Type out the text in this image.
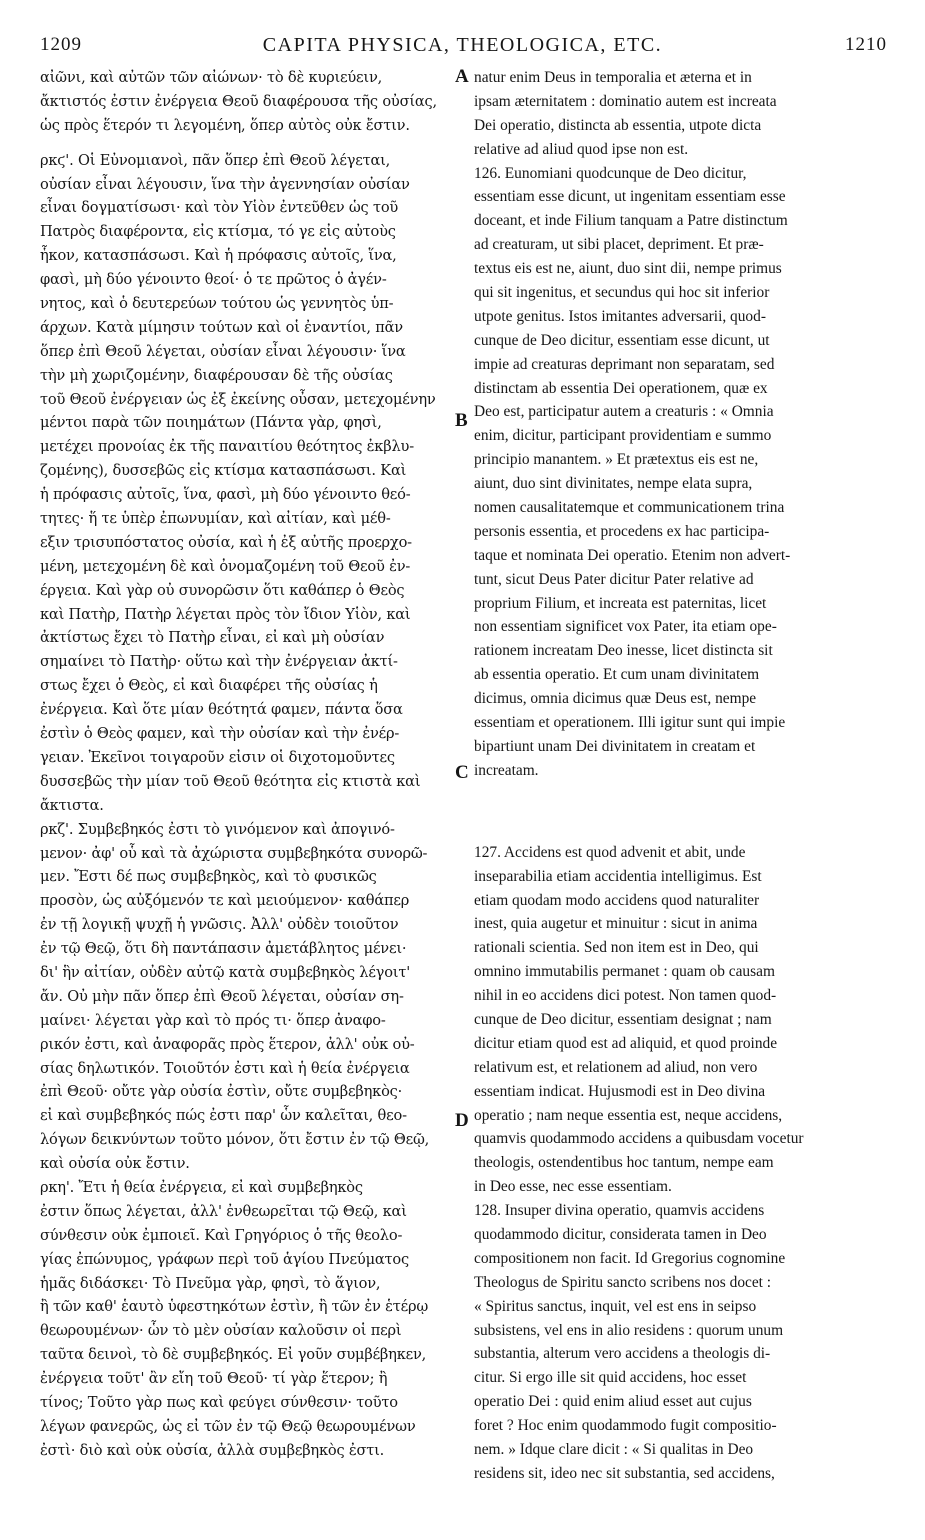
1209	CAPITA PHYSICA, THEOLOGICA, ETC.	1210
αἰῶνι, καὶ αὐτῶν τῶν αἰώνων· τὸ δὲ κυριεύειν,
ἄκτιστός ἐστιν ἐνέργεια Θεοῦ διαφέρουσα τῆς οὐσίας,
ὡς πρὸς ἕτερόν τι λεγομένη, ὅπερ αὐτὸς οὐκ ἔστιν.
ρκϛ'. Οἱ Εὐνομιανοὶ, πᾶν ὅπερ ἐπὶ Θεοῦ λέγεται,
οὐσίαν εἶναι λέγουσιν, ἵνα τὴν ἀγεννησίαν οὐσίαν
εἶναι δογματίσωσι· καὶ τὸν Υἱὸν ἐντεῦθεν ὡς τοῦ
Πατρὸς διαφέροντα, εἰς κτίσμα, τό γε εἰς αὐτοὺς
ἧκον, κατασπάσωσι. Καὶ ἡ πρόφασις αὐτοῖς, ἵνα,
φασὶ, μὴ δύο γένοιντο θεοί· ὁ τε πρῶτος ὁ ἀγέν-
νητος, καὶ ὁ δευτερεύων τούτου ὡς γεννητὸς ὑπ-
άρχων. Κατὰ μίμησιν τούτων καὶ οἱ ἐναντίοι, πᾶν
ὅπερ ἐπὶ Θεοῦ λέγεται, οὐσίαν εἶναι λέγουσιν· ἵνα
τὴν μὴ χωριζομένην, διαφέρουσαν δὲ τῆς οὐσίας
τοῦ Θεοῦ ἐνέργειαν ὡς ἐξ ἐκείνης οὖσαν, μετεχομένην
μέντοι παρὰ τῶν ποιημάτων (Πάντα γὰρ, φησὶ,
μετέχει προνοίας ἐκ τῆς παναιτίου θεότητος ἐκβλυ-
ζομένης), δυσσεβῶς εἰς κτίσμα κατασπάσωσι. Καὶ
ἡ πρόφασις αὐτοῖς, ἵνα, φασὶ, μὴ δύο γένοιντο θεό-
τητες· ἥ τε ὑπὲρ ἐπωνυμίαν, καὶ αἰτίαν, καὶ μέθ-
εξιν τρισυπόστατος οὐσία, καὶ ἡ ἐξ αὐτῆς προερχο-
μένη, μετεχομένη δὲ καὶ ὀνομαζομένη τοῦ Θεοῦ ἐν-
έργεια. Καὶ γὰρ οὐ συνορῶσιν ὅτι καθάπερ ὁ Θεὸς
καὶ Πατὴρ, Πατὴρ λέγεται πρὸς τὸν ἴδιον Υἱὸν, καὶ
ἀκτίστως ἔχει τὸ Πατὴρ εἶναι, εἰ καὶ μὴ οὐσίαν
σημαίνει τὸ Πατὴρ· οὕτω καὶ τὴν ἐνέργειαν ἀκτί-
στως ἔχει ὁ Θεὸς, εἰ καὶ διαφέρει τῆς οὐσίας ἡ
ἐνέργεια. Καὶ ὅτε μίαν θεότητά φαμεν, πάντα ὅσα
ἐστὶν ὁ Θεὸς φαμεν, καὶ τὴν οὐσίαν καὶ τὴν ἐνέρ-
γειαν. Ἐκεῖνοι τοιγαροῦν εἰσιν οἱ διχοτομοῦντες
δυσσεβῶς τὴν μίαν τοῦ Θεοῦ θεότητα εἰς κτιστὰ καὶ
ἄκτιστα.
ρκζ'. Συμβεβηκός ἐστι τὸ γινόμενον καὶ ἀπογινό-
μενον· ἀφ' οὗ καὶ τὰ ἀχώριστα συμβεβηκότα συνορῶ-
μεν. Ἔστι δέ πως συμβεβηκὸς, καὶ τὸ φυσικῶς
προσὸν, ὡς αὐξόμενόν τε καὶ μειούμενον· καθάπερ
ἐν τῇ λογικῇ ψυχῇ ἡ γνῶσις. Ἀλλ' οὐδὲν τοιοῦτον
ἐν τῷ Θεῷ, ὅτι δὴ παντάπασιν ἀμετάβλητος μένει·
δι' ἣν αἰτίαν, οὐδὲν αὐτῷ κατὰ συμβεβηκὸς λέγοιτ'
ἄν. Οὐ μὴν πᾶν ὅπερ ἐπὶ Θεοῦ λέγεται, οὐσίαν ση-
μαίνει· λέγεται γὰρ καὶ τὸ πρός τι· ὅπερ ἀναφο-
ρικόν ἐστι, καὶ ἀναφορᾶς πρὸς ἕτερον, ἀλλ' οὐκ οὐ-
σίας δηλωτικόν. Τοιοῦτόν ἐστι καὶ ἡ θεία ἐνέργεια
ἐπὶ Θεοῦ· οὔτε γὰρ οὐσία ἐστὶν, οὔτε συμβεβηκὸς·
εἰ καὶ συμβεβηκός πώς ἐστι παρ' ὧν καλεῖται, θεο-
λόγων δεικνύντων τοῦτο μόνον, ὅτι ἔστιν ἐν τῷ Θεῷ,
καὶ οὐσία οὐκ ἔστιν.
ρκη'. Ἔτι ἡ θεία ἐνέργεια, εἰ καὶ συμβεβηκὸς
ἐστιν ὅπως λέγεται, ἀλλ' ἐνθεωρεῖται τῷ Θεῷ, καὶ
σύνθεσιν οὐκ ἐμποιεῖ. Καὶ Γρηγόριος ὁ τῆς θεολο-
γίας ἐπώνυμος, γράφων περὶ τοῦ ἁγίου Πνεύματος
ἡμᾶς διδάσκει· Τὸ Πνεῦμα γὰρ, φησὶ, τὸ ἅγιον,
ἢ τῶν καθ' ἑαυτὸ ὑφεστηκότων ἐστὶν, ἢ τῶν ἐν ἑτέρῳ
θεωρουμένων· ὧν τὸ μὲν οὐσίαν καλοῦσιν οἱ περὶ
ταῦτα δεινοὶ, τὸ δὲ συμβεβηκός. Εἰ γοῦν συμβέβηκεν,
ἐνέργεια τοῦτ' ἂν εἴη τοῦ Θεοῦ· τί γὰρ ἕτερον; ἢ
τίνος; Τοῦτο γὰρ πως καὶ φεύγει σύνθεσιν· τοῦτο
λέγων φανερῶς, ὡς εἰ τῶν ἐν τῷ Θεῷ θεωρουμένων
ἐστὶ· διὸ καὶ οὐκ οὐσία, ἀλλὰ συμβεβηκὸς ἐστι.
natur enim Deus in temporalia et æterna et in
ipsam æternitatem : dominatio autem est increata
Dei operatio, distincta ab essentia, utpote dicta
relative ad aliud quod ipse non est.
126. Eunomiani quodcunque de Deo dicitur,
essentiam esse dicunt, ut ingenitam essentiam esse
doceant, et inde Filium tanquam a Patre distinctum
ad creaturam, ut sibi placet, depriment. Et præ-
textus eis est ne, aiunt, duo sint dii, nempe primus
qui sit ingenitus, et secundus qui hoc sit inferior
utpote genitus. Istos imitantes adversarii, quod-
cunque de Deo dicitur, essentiam esse dicunt, ut
impie ad creaturas deprimant non separatam, sed
distinctam ab essentia Dei operationem, quæ ex
Deo est, participatur autem a creaturis : « Omnia
enim, dicitur, participant providentiam e summo
principio manantem. » Et prætextus eis est ne,
aiunt, duo sint divinitates, nempe elata supra,
nomen causalitatemque et communicationem trina
personis essentia, et procedens ex hac participa-
taque et nominata Dei operatio. Etenim non advert-
tunt, sicut Deus Pater dicitur Pater relative ad
proprium Filium, et increata est paternitas, licet
non essentiam significet vox Pater, ita etiam ope-
rationem increatam Deo inesse, licet distincta sit
ab essentia operatio. Et cum unam divinitatem
dicimus, omnia dicimus quæ Deus est, nempe
essentiam et operationem. Illi igitur sunt qui impie
bipartiunt unam Dei divinitatem in creatam et
increatam.
127. Accidens est quod advenit et abit, unde
inseparabilia etiam accidentia intelligimus. Est
etiam quodam modo accidens quod naturaliter
inest, quia augetur et minuitur : sicut in anima
rationali scientia. Sed non item est in Deo, qui
omnino immutabilis permanet : quam ob causam
nihil in eo accidens dici potest. Non tamen quod-
cunque de Deo dicitur, essentiam designat ; nam
dicitur etiam quod est ad aliquid, et quod proinde
relativum est, et relationem ad aliud, non vero
essentiam indicat. Hujusmodi est in Deo divina
operatio ; nam neque essentia est, neque accidens,
quamvis quodammodo accidens a quibusdam vocetur
theologis, ostendentibus hoc tantum, nempe eam
in Deo esse, nec esse essentiam.
128. Insuper divina operatio, quamvis accidens
quodammodo dicitur, considerata tamen in Deo
compositionem non facit. Id Gregorius cognomine
Theologus de Spiritu sancto scribens nos docet :
« Spiritus sanctus, inquit, vel est ens in seipso
subsistens, vel ens in alio residens : quorum unum
substantia, alterum vero accidens a theologis di-
citur. Si ergo ille sit quid accidens, hoc esset
operatio Dei : quid enim aliud esset aut cujus
foret ? Hoc enim quodammodo fugit compositio-
nem. » Idque clare dicit : « Si qualitas in Deo
residens sit, ideo nec sit substantia, sed accidens,
A
B
C
D
